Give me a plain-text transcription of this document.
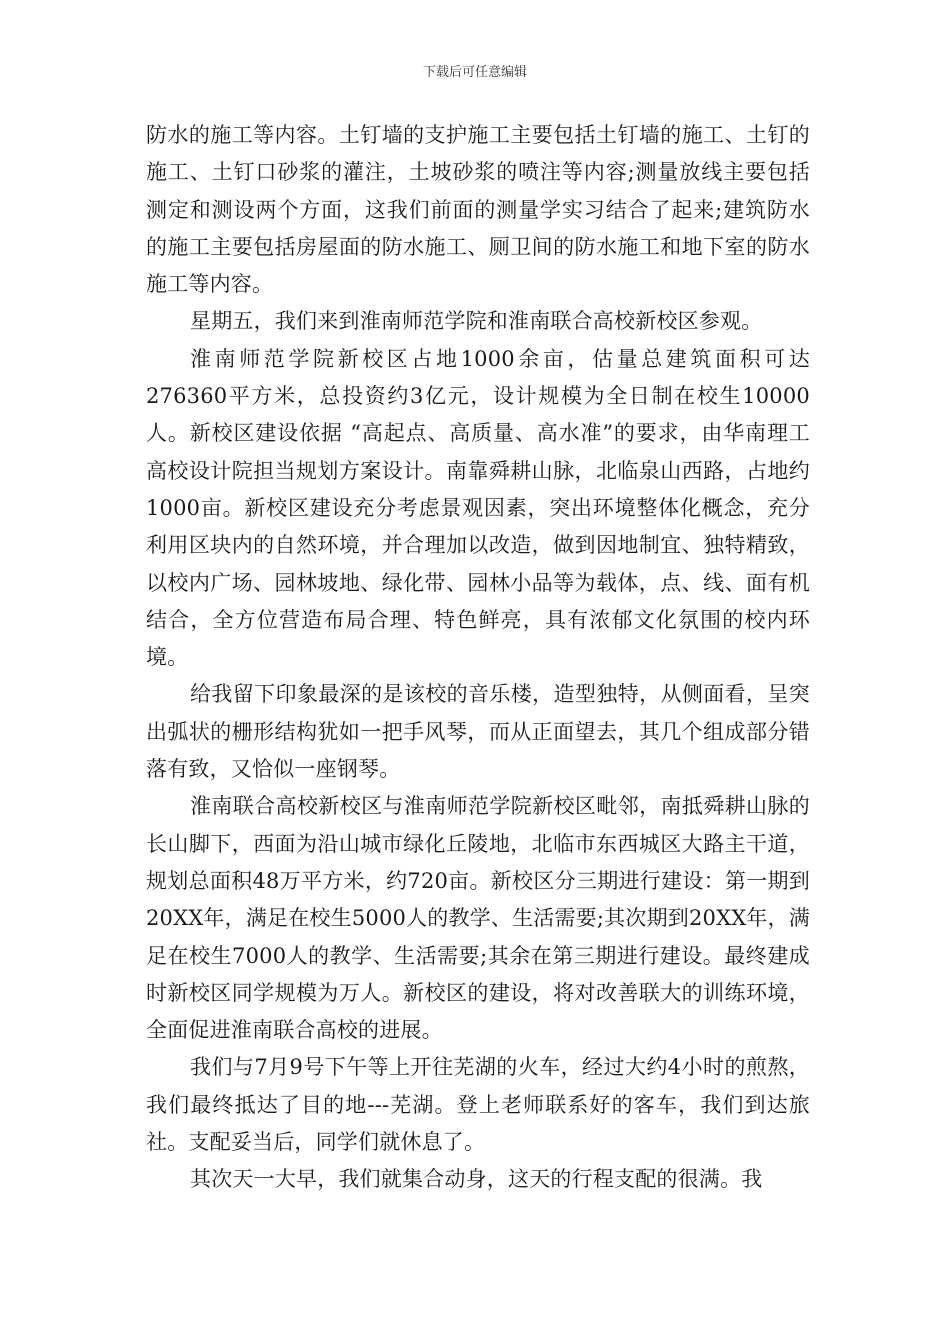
下载后可任意编辑

防水的施工等内容。土钉墙的支护施工主要包括土钉墙的施工、土钉的施工、土钉口砂浆的灌注，土坡砂浆的喷注等内容;测量放线主要包括测定和测设两个方面，这我们前面的测量学实习结合了起来;建筑防水的施工主要包括房屋面的防水施工、厕卫间的防水施工和地下室的防水施工等内容。

星期五，我们来到淮南师范学院和淮南联合高校新校区参观。

淮南师范学院新校区占地1000余亩，估量总建筑面积可达276360平方米，总投资约3亿元，设计规模为全日制在校生10000人。新校区建设依据 “高起点、高质量、高水准”的要求，由华南理工高校设计院担当规划方案设计。南靠舜耕山脉，北临泉山西路，占地约1000亩。新校区建设充分考虑景观因素，突出环境整体化概念，充分利用区块内的自然环境，并合理加以改造，做到因地制宜、独特精致，以校内广场、园林坡地、绿化带、园林小品等为载体，点、线、面有机结合，全方位营造布局合理、特色鲜亮，具有浓郁文化氛围的校内环境。

给我留下印象最深的是该校的音乐楼，造型独特，从侧面看，呈突出弧状的栅形结构犹如一把手风琴，而从正面望去，其几个组成部分错落有致，又恰似一座钢琴。

淮南联合高校新校区与淮南师范学院新校区毗邻，南抵舜耕山脉的长山脚下，西面为沿山城市绿化丘陵地，北临市东西城区大路主干道，规划总面积48万平方米，约720亩。新校区分三期进行建设：第一期到20XX年，满足在校生5000人的教学、生活需要;其次期到20XX年，满足在校生7000人的教学、生活需要;其余在第三期进行建设。最终建成时新校区同学规模为万人。新校区的建设，将对改善联大的训练环境，全面促进淮南联合高校的进展。

我们与7月9号下午等上开往芜湖的火车，经过大约4小时的煎熬，我们最终抵达了目的地---芜湖。登上老师联系好的客车，我们到达旅社。支配妥当后，同学们就休息了。

其次天一大早，我们就集合动身，这天的行程支配的很满。我
